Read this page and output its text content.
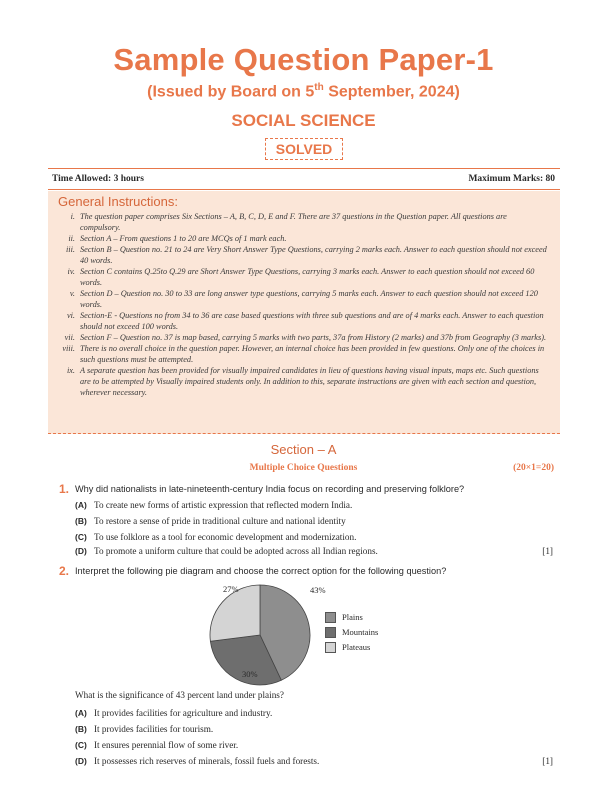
Sample Question Paper-1
(Issued by Board on 5th September, 2024)
SOCIAL SCIENCE
SOLVED
Time Allowed: 3 hours	Maximum Marks: 80
General Instructions:
i. The question paper comprises Six Sections – A, B, C, D, E and F. There are 37 questions in the Question paper. All questions are compulsory.
ii. Section A – From questions 1 to 20 are MCQs of 1 mark each.
iii. Section B – Question no. 21 to 24 are Very Short Answer Type Questions, carrying 2 marks each. Answer to each question should not exceed 40 words.
iv. Section C contains Q.25to Q.29 are Short Answer Type Questions, carrying 3 marks each. Answer to each question should not exceed 60 words.
v. Section D – Question no. 30 to 33 are long answer type questions, carrying 5 marks each. Answer to each question should not exceed 120 words.
vi. Section-E - Questions no from 34 to 36 are case based questions with three sub questions and are of 4 marks each. Answer to each question should not exceed 100 words.
vii. Section F – Question no. 37 is map based, carrying 5 marks with two parts, 37a from History (2 marks) and 37b from Geography (3 marks).
viii. There is no overall choice in the question paper. However, an internal choice has been provided in few questions. Only one of the choices in such questions must be attempted.
ix. A separate question has been provided for visually impaired candidates in lieu of questions having visual inputs, maps etc. Such questions are to be attempted by Visually impaired students only. In addition to this, separate instructions are given with each section and question, wherever necessary.
Section – A
Multiple Choice Questions	(20×1=20)
1. Why did nationalists in late-nineteenth-century India focus on recording and preserving folklore?
(A) To create new forms of artistic expression that reflected modern India.
(B) To restore a sense of pride in traditional culture and national identity
(C) To use folklore as a tool for economic development and modernization.
(D) To promote a uniform culture that could be adopted across all Indian regions.	[1]
2. Interpret the following pie diagram and choose the correct option for the following question?
43%
30%
27%
Plains
Mountains
Plateaus
What is the significance of 43 percent land under plains?
(A) It provides facilities for agriculture and industry.
(B) It provides facilities for tourism.
(C) It ensures perennial flow of some river.
(D) It possesses rich reserves of minerals, fossil fuels and forests.	[1]
